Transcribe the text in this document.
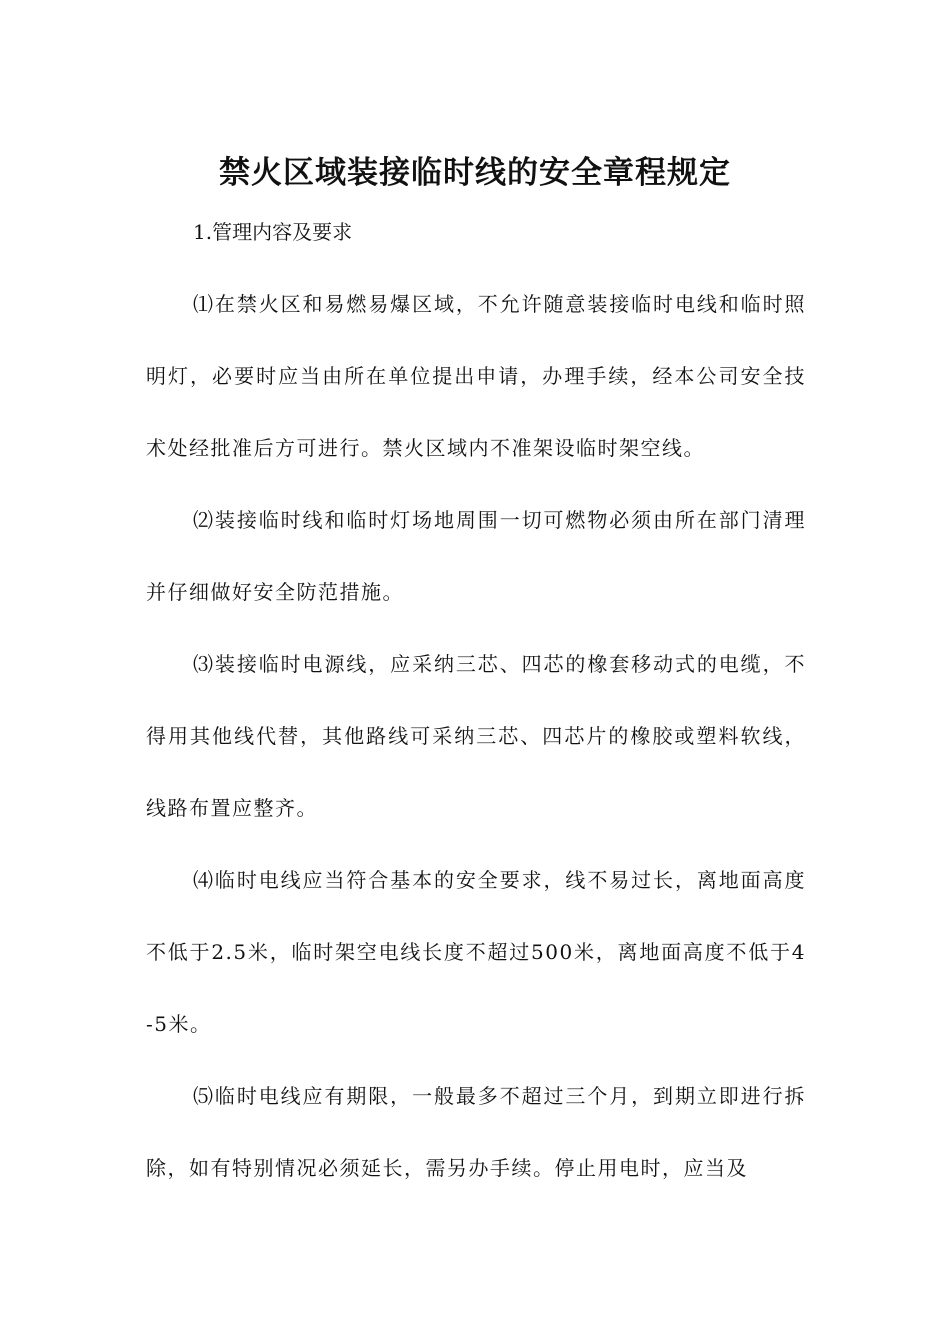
禁火区域装接临时线的安全章程规定

1.管理内容及要求

⑴在禁火区和易燃易爆区域，不允许随意装接临时电线和临时照明灯，必要时应当由所在单位提出申请，办理手续，经本公司安全技术处经批准后方可进行。禁火区域内不准架设临时架空线。

⑵装接临时线和临时灯场地周围一切可燃物必须由所在部门清理并仔细做好安全防范措施。

⑶装接临时电源线，应采纳三芯、四芯的橡套移动式的电缆，不得用其他线代替，其他路线可采纳三芯、四芯片的橡胶或塑料软线，线路布置应整齐。

⑷临时电线应当符合基本的安全要求，线不易过长，离地面高度不低于2.5米，临时架空电线长度不超过500米，离地面高度不低于4-5米。

⑸临时电线应有期限，一般最多不超过三个月，到期立即进行拆除，如有特别情况必须延长，需另办手续。停止用电时，应当及
